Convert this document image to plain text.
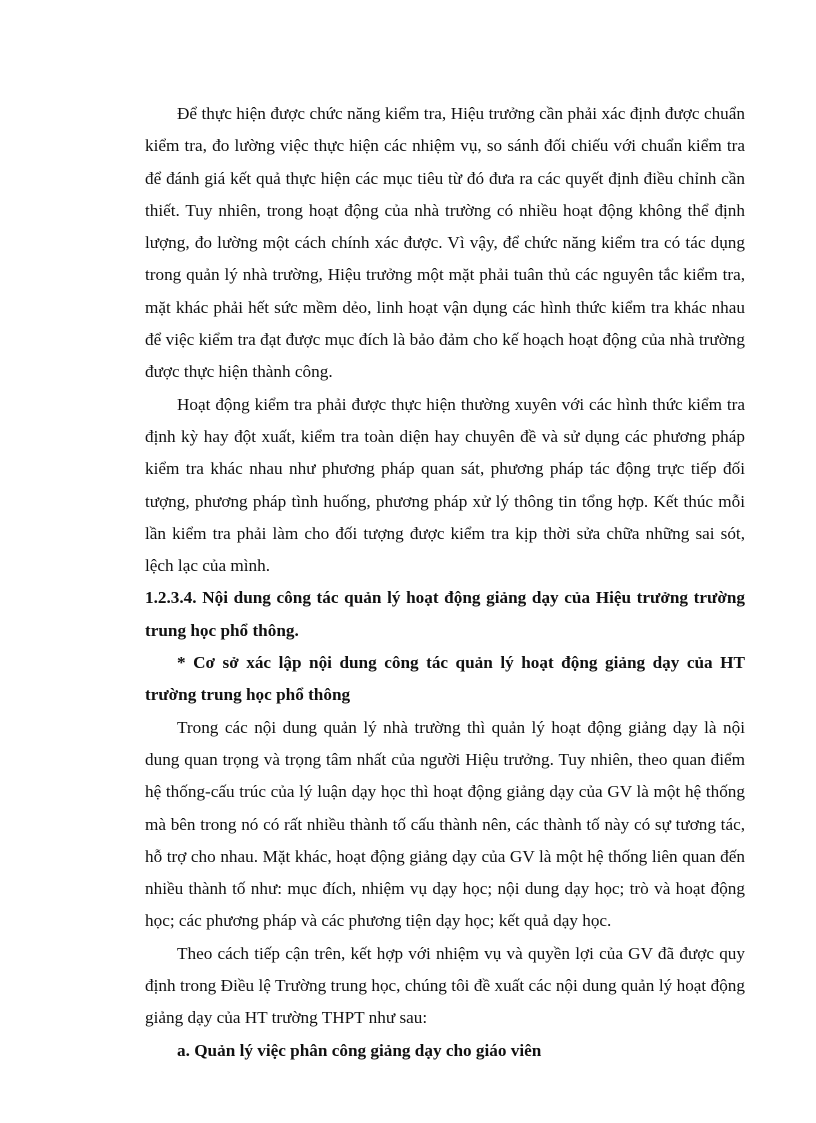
Để thực hiện được chức năng kiểm tra, Hiệu trưởng cần phải xác định được chuẩn kiểm tra, đo lường việc thực hiện các nhiệm vụ, so sánh đối chiếu với chuẩn kiểm tra để đánh giá kết quả thực hiện các mục tiêu từ đó đưa ra các quyết định điều chỉnh cần thiết. Tuy nhiên, trong hoạt động của nhà trường có nhiều hoạt động không thể định lượng, đo lường một cách chính xác được. Vì vậy, để chức năng kiểm tra có tác dụng trong quản lý nhà trường, Hiệu trưởng một mặt phải tuân thủ các nguyên tắc kiểm tra, mặt khác phải hết sức mềm dẻo, linh hoạt vận dụng các hình thức kiểm tra khác nhau để việc kiểm tra đạt được mục đích là bảo đảm cho kế hoạch hoạt động của nhà trường được thực hiện thành công.

Hoạt động kiểm tra phải được thực hiện thường xuyên với các hình thức kiểm tra định kỳ hay đột xuất, kiểm tra toàn diện hay chuyên đề và sử dụng các phương pháp kiểm tra khác nhau như phương pháp quan sát, phương pháp tác động trực tiếp đối tượng, phương pháp tình huống, phương pháp xử lý thông tin tổng hợp. Kết thúc mỗi lần kiểm tra phải làm cho đối tượng được kiểm tra kịp thời sửa chữa những sai sót, lệch lạc của mình.

1.2.3.4. Nội dung công tác quản lý hoạt động giảng dạy của Hiệu trưởng trường trung học phổ thông.

* Cơ sở xác lập nội dung công tác quản lý hoạt động giảng dạy của HT trường trung học phổ thông

Trong các nội dung quản lý nhà trường thì quản lý hoạt động giảng dạy là nội dung quan trọng và trọng tâm nhất của người Hiệu trưởng. Tuy nhiên, theo quan điểm hệ thống-cấu trúc của lý luận dạy học thì hoạt động giảng dạy của GV là một hệ thống mà bên trong nó có rất nhiều thành tố cấu thành nên, các thành tố này có sự tương tác, hỗ trợ cho nhau. Mặt khác, hoạt động giảng dạy của GV là một hệ thống liên quan đến nhiều thành tố như: mục đích, nhiệm vụ dạy học; nội dung dạy học; trò và hoạt động học; các phương pháp và các phương tiện dạy học; kết quả dạy học.

Theo cách tiếp cận trên, kết hợp với nhiệm vụ và quyền lợi của GV đã được quy định trong Điều lệ Trường trung học, chúng tôi đề xuất các nội dung quản lý hoạt động giảng dạy của HT trường THPT như sau:

a. Quản lý việc phân công giảng dạy cho giáo viên
